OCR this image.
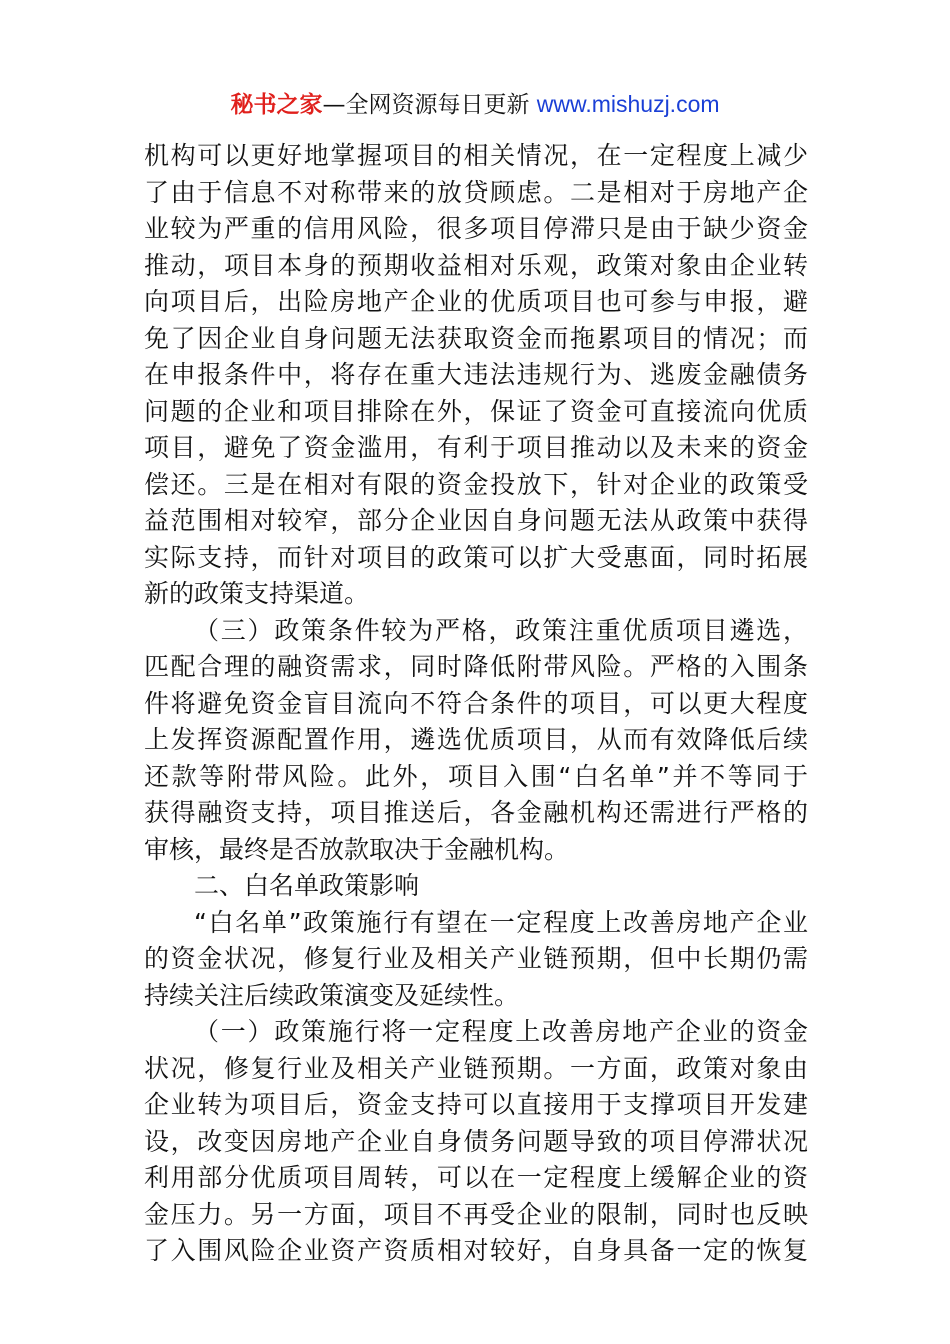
秘书之家—全网资源每日更新 www.mishuzj.com
机构可以更好地掌握项目的相关情况，在一定程度上减少
了由于信息不对称带来的放贷顾虑。二是相对于房地产企
业较为严重的信用风险，很多项目停滞只是由于缺少资金
推动，项目本身的预期收益相对乐观，政策对象由企业转
向项目后，出险房地产企业的优质项目也可参与申报，避
免了因企业自身问题无法获取资金而拖累项目的情况；而
在申报条件中，将存在重大违法违规行为、逃废金融债务
问题的企业和项目排除在外，保证了资金可直接流向优质
项目，避免了资金滥用，有利于项目推动以及未来的资金
偿还。三是在相对有限的资金投放下，针对企业的政策受
益范围相对较窄，部分企业因自身问题无法从政策中获得
实际支持，而针对项目的政策可以扩大受惠面，同时拓展
新的政策支持渠道。
（三）政策条件较为严格，政策注重优质项目遴选，
匹配合理的融资需求，同时降低附带风险。严格的入围条
件将避免资金盲目流向不符合条件的项目，可以更大程度
上发挥资源配置作用，遴选优质项目，从而有效降低后续
还款等附带风险。此外，项目入围“白名单”并不等同于
获得融资支持，项目推送后，各金融机构还需进行严格的
审核，最终是否放款取决于金融机构。
二、白名单政策影响
“白名单”政策施行有望在一定程度上改善房地产企业
的资金状况，修复行业及相关产业链预期，但中长期仍需
持续关注后续政策演变及延续性。
（一）政策施行将一定程度上改善房地产企业的资金
状况，修复行业及相关产业链预期。一方面，政策对象由
企业转为项目后，资金支持可以直接用于支撑项目开发建
设，改变因房地产企业自身债务问题导致的项目停滞状况
利用部分优质项目周转，可以在一定程度上缓解企业的资
金压力。另一方面，项目不再受企业的限制，同时也反映
了入围风险企业资产资质相对较好，自身具备一定的恢复
